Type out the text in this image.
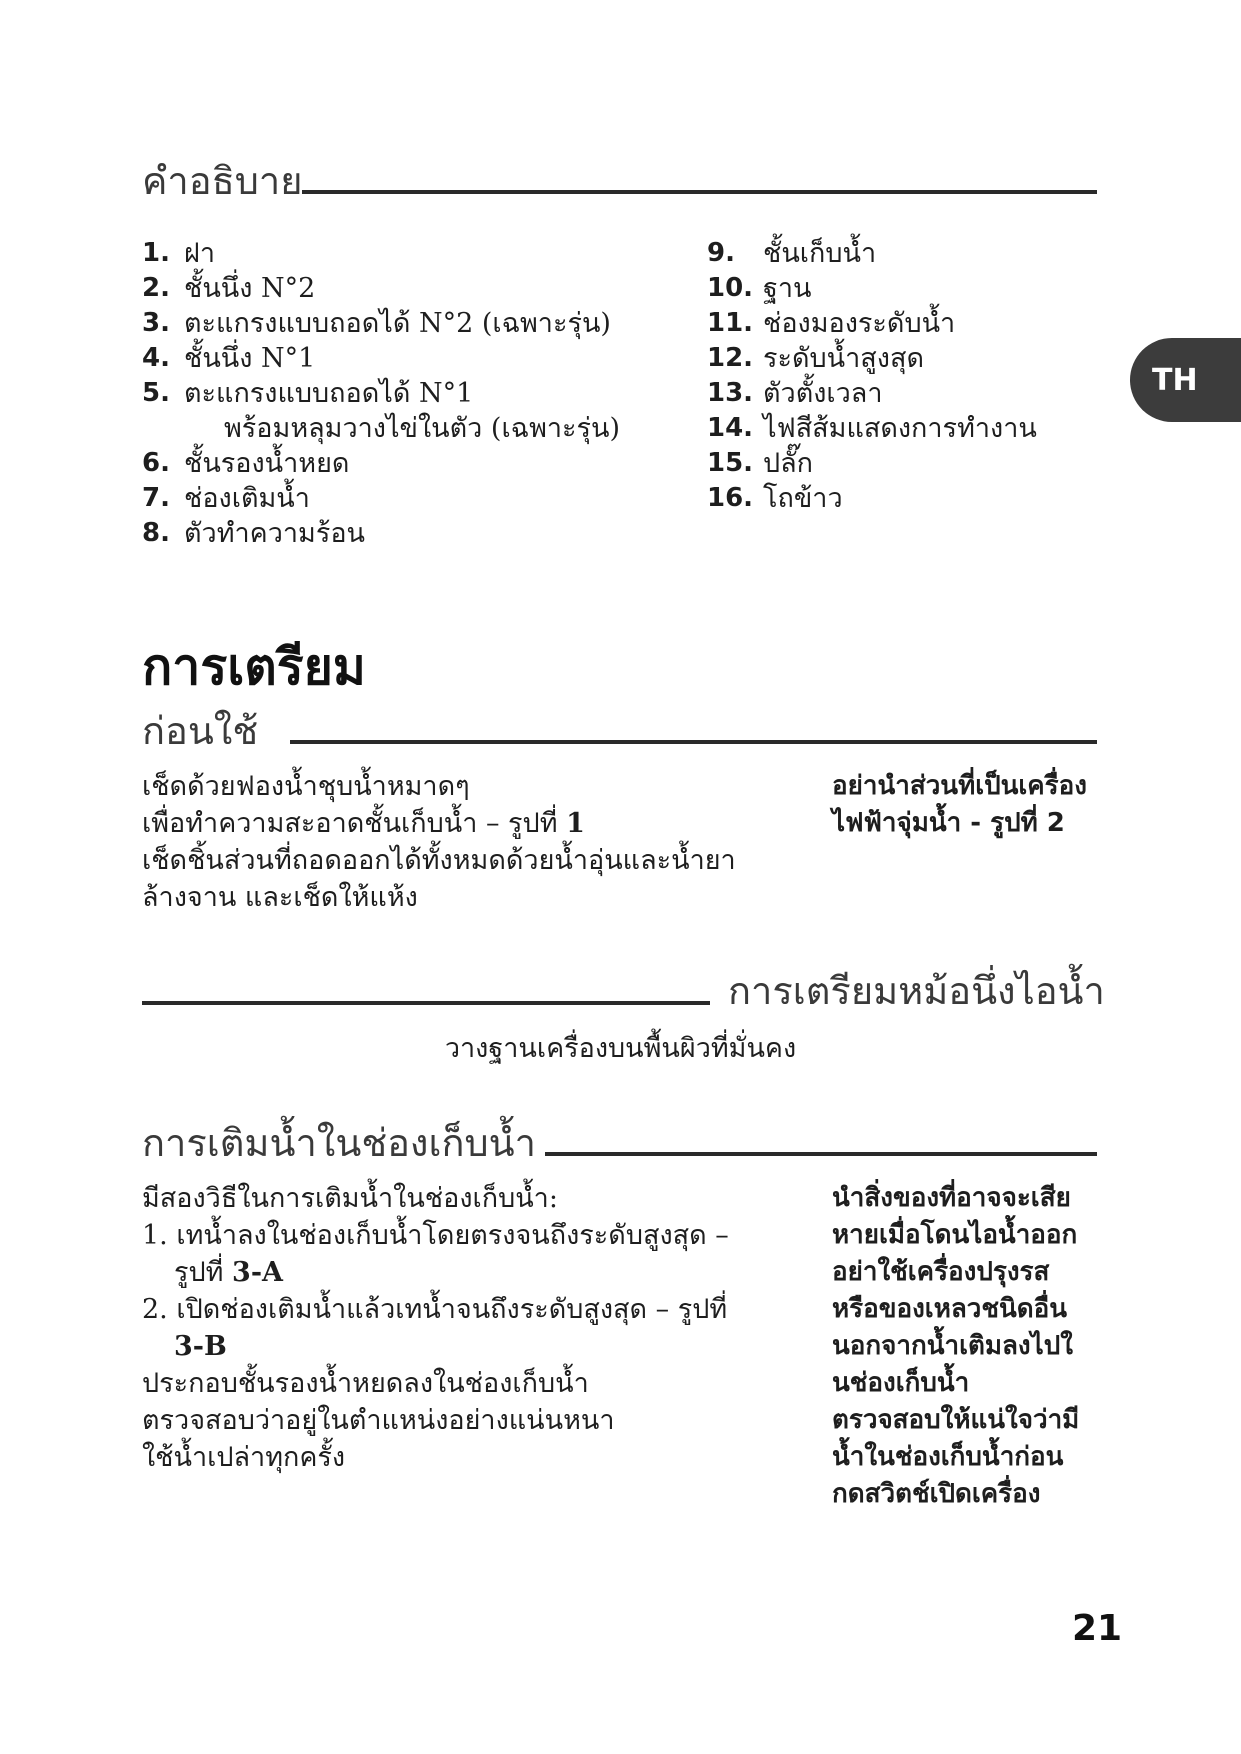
คำอธิบาย
1. ฝา
2. ชั้นนึ่ง N°2
3. ตะแกรงแบบถอดได้ N°2 (เฉพาะรุ่น)
4. ชั้นนึ่ง N°1
5. ตะแกรงแบบถอดได้ N°1
พร้อมหลุมวางไข่ในตัว (เฉพาะรุ่น)
6. ชั้นรองน้ำหยด
7. ช่องเติมน้ำ
8. ตัวทำความร้อน
9.	ชั้นเก็บน้ำ
10. ฐาน
11. ช่องมองระดับน้ำ
12. ระดับน้ำสูงสุด
13. ตัวตั้งเวลา
14. ไฟสีส้มแสดงการทำงาน
15. ปลั๊ก
16. โถข้าว
TH
การเตรียม
ก่อนใช้
เช็ดด้วยฟองน้ำชุบน้ำหมาดๆ
เพื่อทำความสะอาดชั้นเก็บน้ำ – รูปที่ 1
เช็ดชิ้นส่วนที่ถอดออกได้ทั้งหมดด้วยน้ำอุ่นและน้ำยา
ล้างจาน และเช็ดให้แห้ง
อย่านำส่วนที่เป็นเครื่อง
ไฟฟ้าจุ่มน้ำ - รูปที่ 2
การเตรียมหม้อนึ่งไอน้ำ
วางฐานเครื่องบนพื้นผิวที่มั่นคง
การเติมน้ำในช่องเก็บน้ำ
มีสองวิธีในการเติมน้ำในช่องเก็บน้ำ:
1. เทน้ำลงในช่องเก็บน้ำโดยตรงจนถึงระดับสูงสุด –
รูปที่ 3-A
2. เปิดช่องเติมน้ำแล้วเทน้ำจนถึงระดับสูงสุด – รูปที่
3-B
ประกอบชั้นรองน้ำหยดลงในช่องเก็บน้ำ
ตรวจสอบว่าอยู่ในตำแหน่งอย่างแน่นหนา
ใช้น้ำเปล่าทุกครั้ง
นำสิ่งของที่อาจจะเสีย
หายเมื่อโดนไอน้ำออก
อย่าใช้เครื่องปรุงรส
หรือของเหลวชนิดอื่น
นอกจากน้ำเติมลงไปใ
นช่องเก็บน้ำ
ตรวจสอบให้แน่ใจว่ามี
น้ำในช่องเก็บน้ำก่อน
กดสวิตช์เปิดเครื่อง
21
